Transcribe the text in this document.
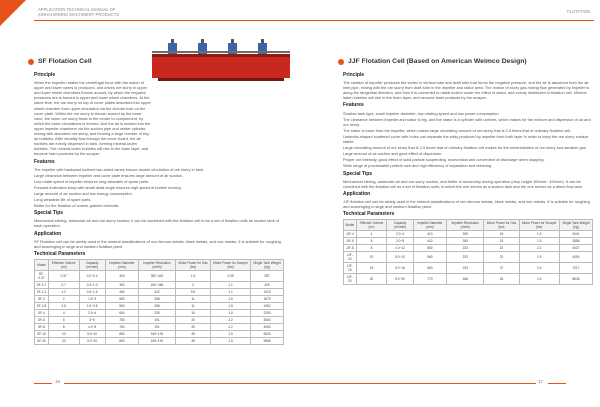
APPLICATION TECHNICAL MANUAL OF
XINHAI MINING MACHINERY PRODUCTS
FLOTATION
SF Flotation Cell
Principle
When the impeller rotates the centrifugal force with the action of upper and lower vanes is produced, and drives ore slurry in upper and lower wheel chambers thrown around, by which the negative pressures are is formed in upper and lower wheel chambers. At the same time, the ore slurry on top of cover plates absorbed into upper wheel chamber from upper circulation via the circular hole on the cover plate. Within the ore slurry is thrown around by the lower vane, the lower ore slurry flows to the center to complement, by which the lower circulations is formed. And the air is sucked into the upper impeller chambers via the suction pipe and center cylinder, mixing with absorbed ore slurry, and forming a large number of tiny air bubbles. After steadily flow through the cover board, the air bubbles are evenly dispersed in tank, forming mineral-laden bubbles. The mineral-laden bubbles will rise to the foam layer, and become foam products by the scraper.
Features
The impeller with backward inclined two-sided vanes ensure double circulation of ore slurry in tank.
Large clearance between impeller and cover plate ensures large amount of air suction.
Low rotate speed of impeller ensures long wearable of spare parts.
Forward-inclination body with small dead angle ensures high speed of bubble moving.
Large amount of air suction and low energy consumption.
Long wearable life of spare parts.
Better for the flotation of coarse-grained minerals.
Special Tips
Mechanical stirring, automatic air and ore slurry suction; it can be combined with the flotation cell to be a set of flotation units as suction tank of each operation.
Application
SF Flotation cell can be widely used in the mineral classifications of non-ferrous metals, black metals, and non-metals. It is suitable for roughing and scavenging in large and medium flotation plant.
Technical Parameters
Model	Effective Volume (m³)	Capacity (m³/min)	Impeller Diameter (mm)	Impeller Revolution (r/min)	Motor Power for Gas (kw)	Motor Power for Scraper (kw)	Single Tank Weight (kg)
SF-0.37	0.37	0.2~0.4	300	352~442	1.5	0.55	387
SF-0.7	0.7	0.3~1.0	350	400~484	3	1.1	429
SF-1.2	1.2	0.6~1.6	450	312	5.5	1.1	1015
SF-2	2	1.5~3	550	268	11	1.5	1679
SF-2.8	2.8	1.5~3.5	550	268	11	1.5	1962
SF-4	4	2.0~4	650	235	15	1.5	2293
SF-6	6	3~6	760	191	30	2.2	3540
SF-8	8	4.0~8	760	191	30	2.2	4063
SF-10	10	5.0~10	850	169~191	45	1.5	5525
SF-20	20	5.0~20	850	169~191	45	1.5	9868
16
JJF Flotation Cell (Based on American Weimco Design)
Principle
The rotation of impeller produces the vortex in vertical tube and draft tube that forms the negative pressure, and the air is absorbed from the air inlet pipe, mixing with the ore slurry from draft tube in the impeller and stator area. The motion of slurry gas mixing flow generated by impeller is along the tangential direction, and then it is converted to radial motion under the effect of stator, and evenly distributed in flotation cell. Mineral laden bubbles will rise to the foam layer, and become foam products by the scraper.
Features
Shallow tank type, small impeller diameter, low rotating speed and low power consumption.
The clearance between impeller and stator is big, and the stator is a cylinder with uniform, which makes for the mixture and dispersion of air and ore slurry.
The stator is lower than the impeller, which makes large circulating amount of ore slurry that is 2.5 times that of ordinary flotation cell.
Umbrella-shaped scattered cover with holes can separate the eddy produced by impeller from froth layer in order to keep the ore slurry surface stable.
Large circulating amount of ore slurry that is 2.5 times that of ordinary flotation cell makes for the mineralization of ore slurry and aeration gas.
Large amount of air suction and good effect of dispersion.
Proper ore intensity, good effect of solid particle suspending, economical and convenient of discharge when stopping.
Wide range of processable particle size and high efficiency of separation and dressing.
Special Tips
Mechanical stirring, automatic air and ore slurry suction, and better in secondary during operation (drop height 300mm~ 400mm). It can be combined with the flotation cell as a set of flotation units, in which the one serves as a suction tank and the one serves as a direct flow tank.
Application
JJF flotation cell can be widely used in the mineral classifications of non-ferrous metals, black metals, and non-metals. It is suitable for roughing and scavenging in large and medium flotation plant.
Technical Parameters
Model	Effective Volume (m³)	Capacity (m³/min)	Impeller Diameter (mm)	Impeller Revolution (r/min)	Motor Power for Gas (kw)	Motor Power for Scraper (kw)	Single Tank Weight (kg)
JJF-4	4	2.0~4	410	305	15	1.5	2041
JJF-8	8	2.0~8	410	305	15	1.5	2856
JJF-8	8	4.0~12	560	233	22	2.2	4027
JJF-10	10	5.0~10	560	233	22	1.5	4094
JJF-16	16	5.0~16	560	233	37	1.5	7017
JJF-20	20	5.0~20	770	186	45	1.5	8645
17
